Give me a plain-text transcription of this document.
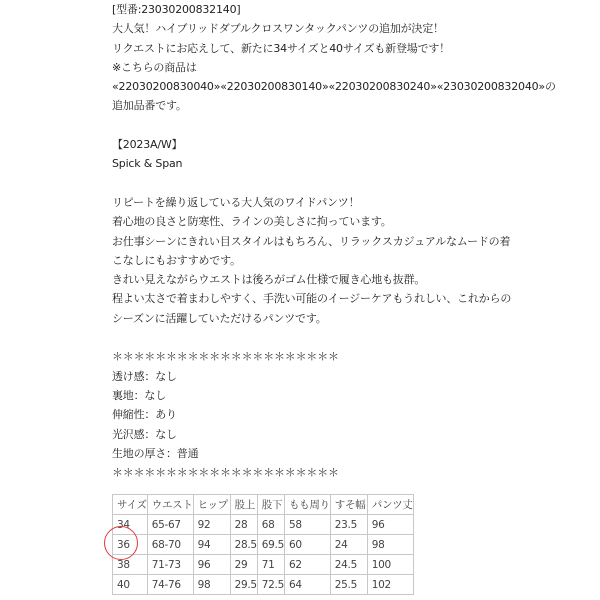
[型番:23030200832140]
大人気！ハイブリッドダブルクロスワンタックパンツの追加が決定！
リクエストにお応えして、新たに34サイズと40サイズも新登場です！
※こちらの商品は
«22030200830040»«22030200830140»«22030200830240»«23030200832040»の
追加品番です。
【2023A/W】
Spick & Span
リピートを繰り返している大人気のワイドパンツ！
着心地の良さと防寒性、ラインの美しさに拘っています。
お仕事シーンにきれい目スタイルはもちろん、リラックスカジュアルなムードの着
こなしにもおすすめです。
きれい見えながらウエストは後ろがゴム仕様で履き心地も抜群。
程よい太さで着まわしやすく、手洗い可能のイージーケアもうれしい、これからの
シーズンに活躍していただけるパンツです。
＊＊＊＊＊＊＊＊＊＊＊＊＊＊＊＊＊＊＊＊＊
透け感：なし
裏地：なし
伸縮性：あり
光沢感：なし
生地の厚さ：普通
＊＊＊＊＊＊＊＊＊＊＊＊＊＊＊＊＊＊＊＊＊
サイズ	ウエスト	ヒップ	股上	股下	もも周り	すそ幅	パンツ丈
34	65-67	92	28	68	58	23.5	96
36	68-70	94	28.5	69.5	60	24	98
38	71-73	96	29	71	62	24.5	100
40	74-76	98	29.5	72.5	64	25.5	102
